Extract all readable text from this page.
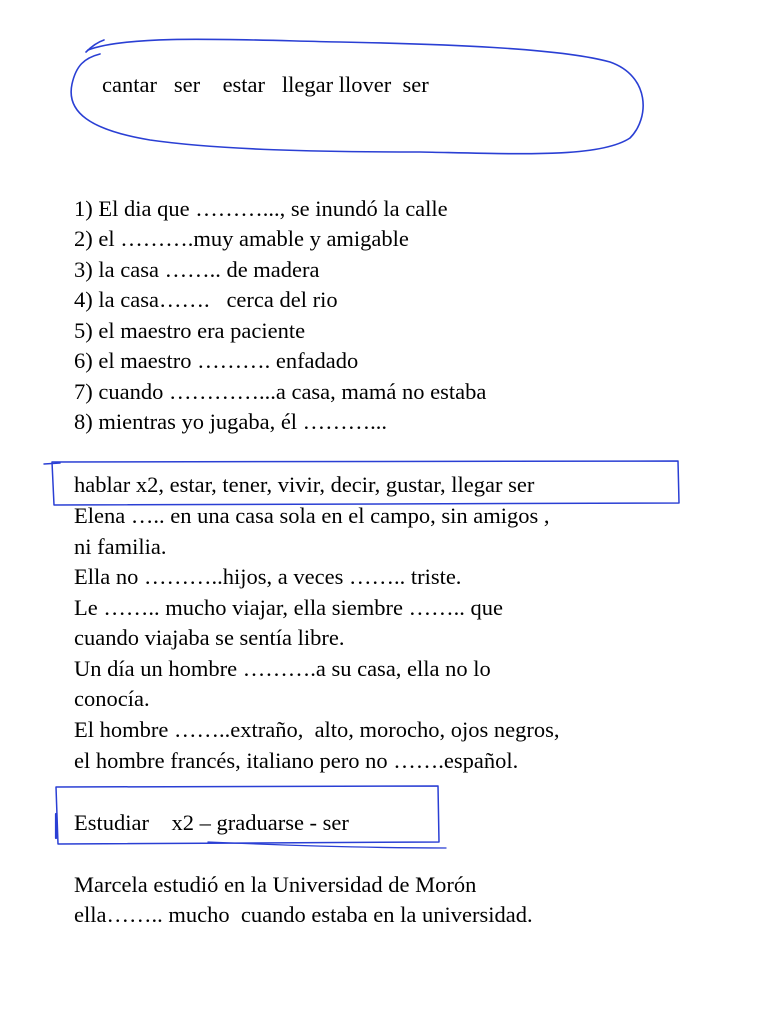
cantar   ser    estar   llegar llover  ser
1) El dia que ………..., se inundó la calle
2) el ……….muy amable y amigable
3) la casa …….. de madera
4) la casa…….   cerca del rio
5) el maestro era paciente
6) el maestro ………. enfadado
7) cuando …………...a casa, mamá no estaba
8) mientras yo jugaba, él ………...
hablar x2, estar, tener, vivir, decir, gustar, llegar ser
Elena ….. en una casa sola en el campo, sin amigos ,
ni familia.
Ella no ………..hijos, a veces …….. triste.
Le …….. mucho viajar, ella siembre …….. que
cuando viajaba se sentía libre.
Un día un hombre ……….a su casa, ella no lo
conocía.
El hombre ……..extraño,  alto, morocho, ojos negros,
el hombre francés, italiano pero no …….español.
Estudiar    x2 – graduarse - ser
Marcela estudió en la Universidad de Morón
ella…….. mucho  cuando estaba en la universidad.
